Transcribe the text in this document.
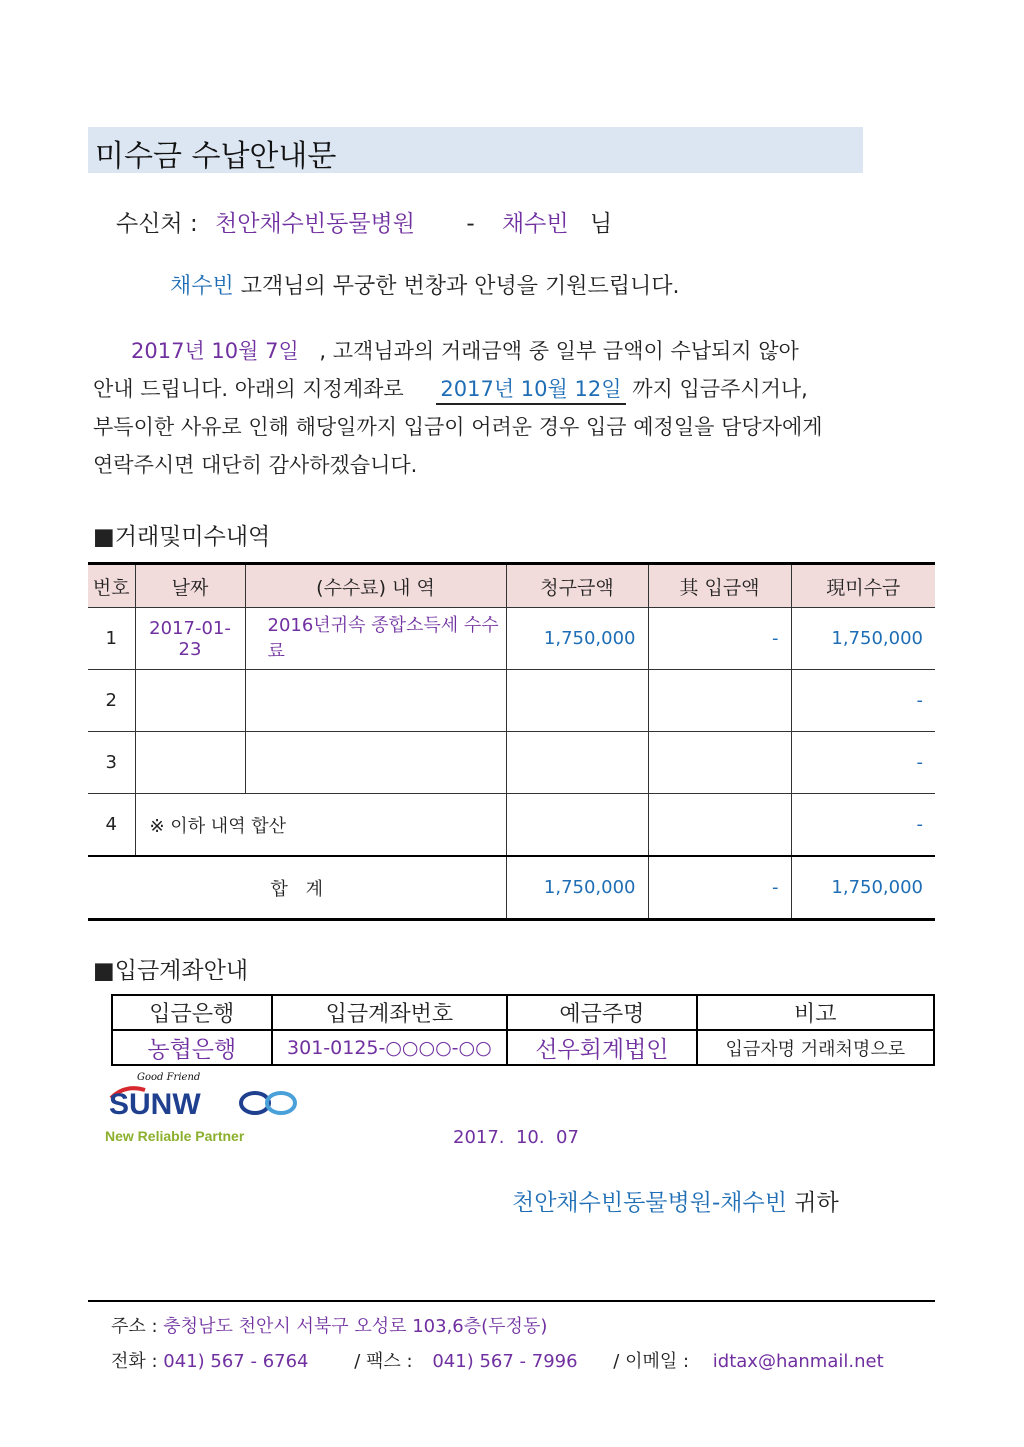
미수금 수납안내문
수신처 : 천안채수빈동물병원 - 채수빈 님
채수빈 고객님의 무궁한 번창과 안녕을 기원드립니다.
2017년 10월 7일 , 고객님과의 거래금액 중 일부 금액이 수납되지 않아
안내 드립니다. 아래의 지정계좌로 2017년 10월 12일 까지 입금주시거나,
부득이한 사유로 인해 해당일까지 입금이 어려운 경우 입금 예정일을 담당자에게
연락주시면 대단히 감사하겠습니다.
■거래및미수내역
번호	날짜	(수수료) 내 역	청구금액	其 입금액	現미수금
1	2017-01-23	2016년귀속 종합소득세 수수료	1,750,000	-	1,750,000
2					-
3					-
4	※ 이하 내역 합산				-
합 계			1,750,000	-	1,750,000
■입금계좌안내
입금은행	입금계좌번호	예금주명	비고
농협은행	301-0125-○○○○-○○	선우회계법인	입금자명 거래처명으로
Good Friend
SUNW
New Reliable Partner	2017.  10.  07
천안채수빈동물병원-채수빈 귀하
주소 : 충청남도 천안시 서북구 오성로 103,6층(두정동)
전화 : 041) 567 - 6764	/ 팩스 : 041) 567 - 7996 / 이메일 : idtax@hanmail.net
